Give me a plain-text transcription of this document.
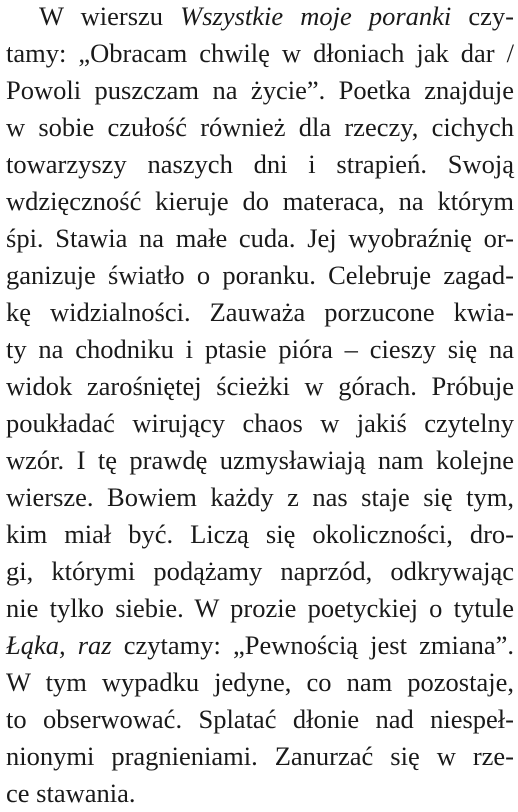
W wierszu Wszystkie moje poranki czy-
tamy: „Obracam chwilę w dłoniach jak dar /
Powoli puszczam na życie”. Poetka znajduje
w sobie czułość również dla rzeczy, cichych
towarzyszy naszych dni i strapień. Swoją
wdzięczność kieruje do materaca, na którym
śpi. Stawia na małe cuda. Jej wyobraźnię or-
ganizuje światło o poranku. Celebruje zagad-
kę widzialności. Zauważa porzucone kwia-
ty na chodniku i ptasie pióra – cieszy się na
widok zarośniętej ścieżki w górach. Próbuje
poukładać wirujący chaos w jakiś czytelny
wzór. I tę prawdę uzmysławiają nam kolejne
wiersze. Bowiem każdy z nas staje się tym,
kim miał być. Liczą się okoliczności, dro-
gi, którymi podążamy naprzód, odkrywając
nie tylko siebie. W prozie poetyckiej o tytule
Łąka, raz czytamy: „Pewnością jest zmiana”.
W tym wypadku jedyne, co nam pozostaje,
to obserwować. Splatać dłonie nad niespeł-
nionymi pragnieniami. Zanurzać się w rze-
ce stawania.
